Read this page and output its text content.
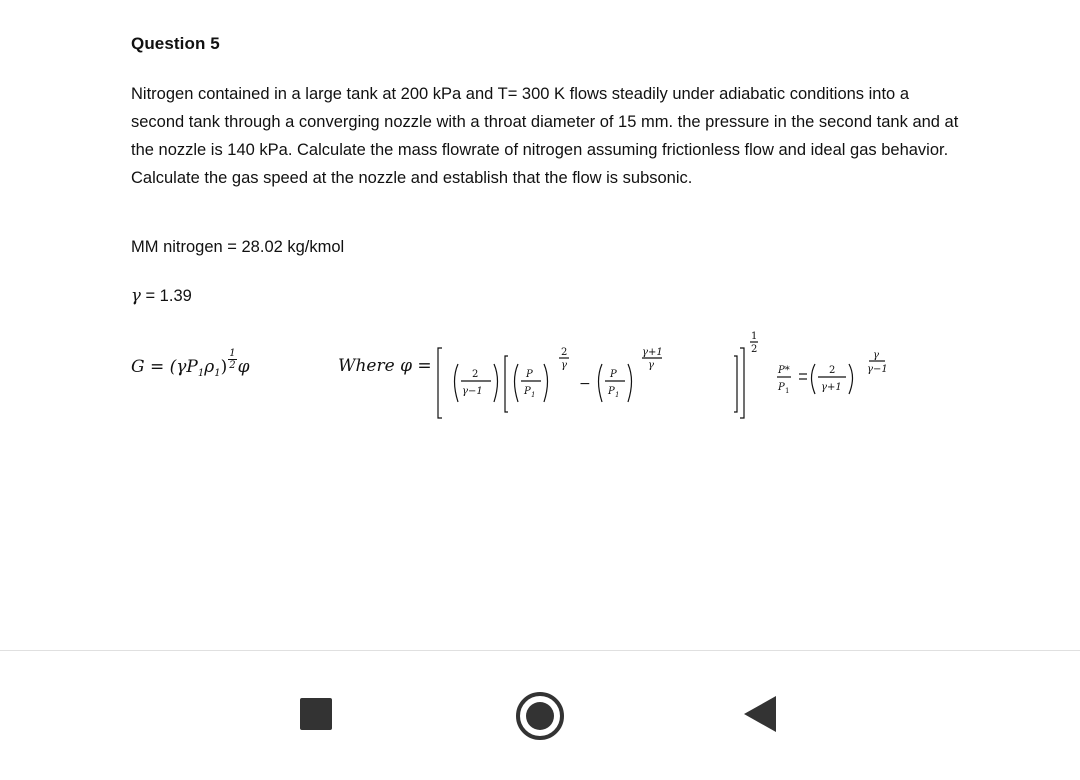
Question 5
Nitrogen contained in a large tank at 200 kPa and T= 300 K flows steadily under adiabatic conditions into a second tank through a converging nozzle with a throat diameter of 15 mm. the pressure in the second tank and at the nozzle is 140 kPa. Calculate the mass flowrate of nitrogen assuming frictionless flow and ideal gas behavior. Calculate the gas speed at the nozzle and establish that the flow is subsonic.
MM nitrogen = 28.02 kg/kmol
γ = 1.39
$G = (\gamma P_1\rho_1) \frac{1}{2}$ φ	Where φ =	2
γ−1
P
P 1
2
γ
−
P
P 1
γ+1
γ
1
2
P*
P 1
2
γ+1
γ
γ−1
